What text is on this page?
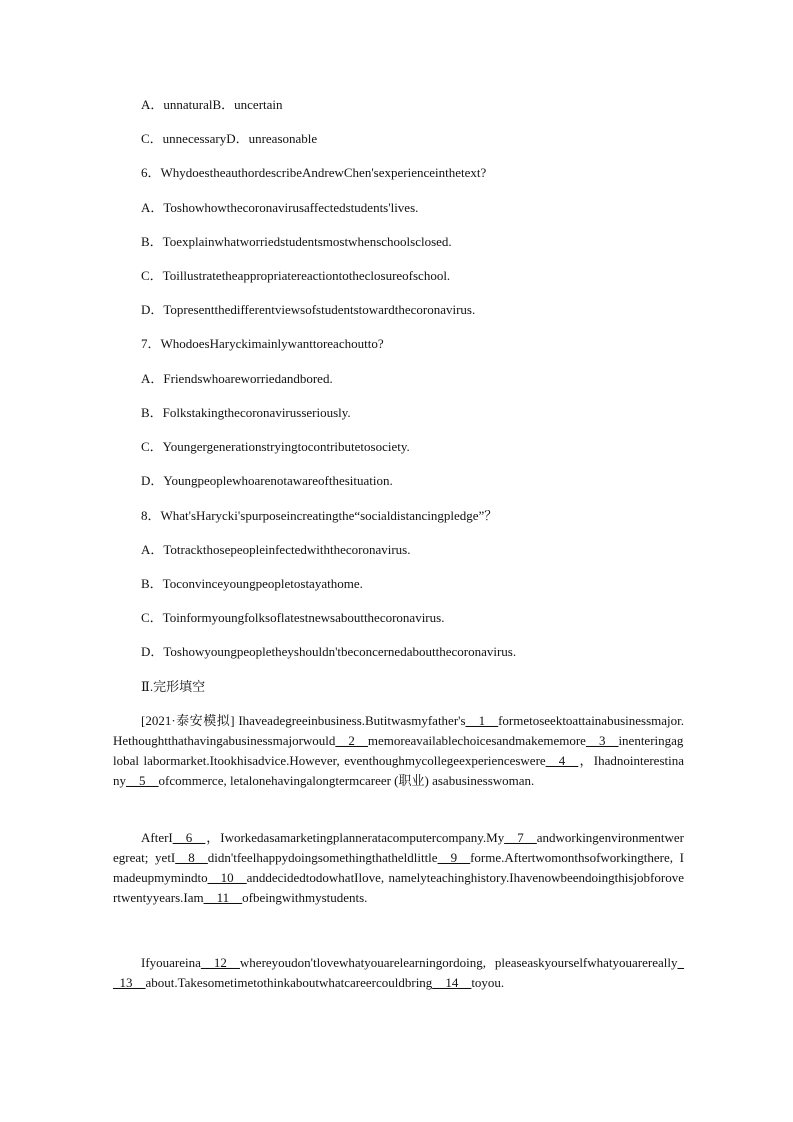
A．unnaturalB．uncertain
C．unnecessaryD．unreasonable
6．WhydoestheauthordescribeAndrewChen'sexperienceinthetext?
A．Toshowhowthecoronavirusaffectedstudents'lives.
B．Toexplainwhatworriedstudentsmostwhenschoolsclosed.
C．Toillustratetheappropriatereactiontotheclosureofschool.
D．Topresentthedifferentviewsofstudentstowardthecoronavirus.
7．WhodoesHaryckimainlywanttoreachoutto?
A．Friendswhoareworriedandbored.
B．Folkstakingthecoronavirusseriously.
C．Youngergenerationstryingtocontributetosociety.
D．Youngpeoplewhoarenotawareofthesituation.
8．What'sHarycki'spurposeincreatingthe“socialdistancingpledge”？
A．Totrackthosepeopleinfectedwiththecoronavirus.
B．Toconvinceyoungpeopletostayathome.
C．Toinformyoungfolksoflatestnewsaboutthecoronavirus.
D．Toshowyoungpeopletheyshouldn'tbeconcernedaboutthecoronavirus.
Ⅱ.完形填空
[2021·泰安模拟] Ihaveadegreeinbusiness.Butitwasmyfather's__1__formetoseektoattainabusinessmajor.Hethoughtthathavingabusinessmajorwould__2__memoreavailablechoicesandmakememore__3__inenteringaglobal labormarket.Itookhisadvice.However, eventhoughmycollegeexperienceswere__4__，Ihadnointerestinany__5__ofcommerce, letalonehavingalongtermcareer (职业) asabusinesswoman.
AfterI__6__，Iworkedasamarketingplanneratacomputercompany.My__7__andworkingenvironmentweregreat; yetI__8__didn'tfeelhappydoingsomethingthatheldlittle__9__forme.Aftertwomonthsofworkingthere, Imadeupmymindto__10__anddecidedtodowhatIlove, namelyteachinghistory.Ihavenowbeendoingthisjobforovertwentyyears.Iam__11__ofbeingwithmystudents.
Ifyouareina__12__whereyoudon'tlovewhatyouarelearningordoing, pleaseaskyourselfwhatyouarereally__13__about.Takesometimetothinkaboutwhatcareercouldbring__14__toyou.
